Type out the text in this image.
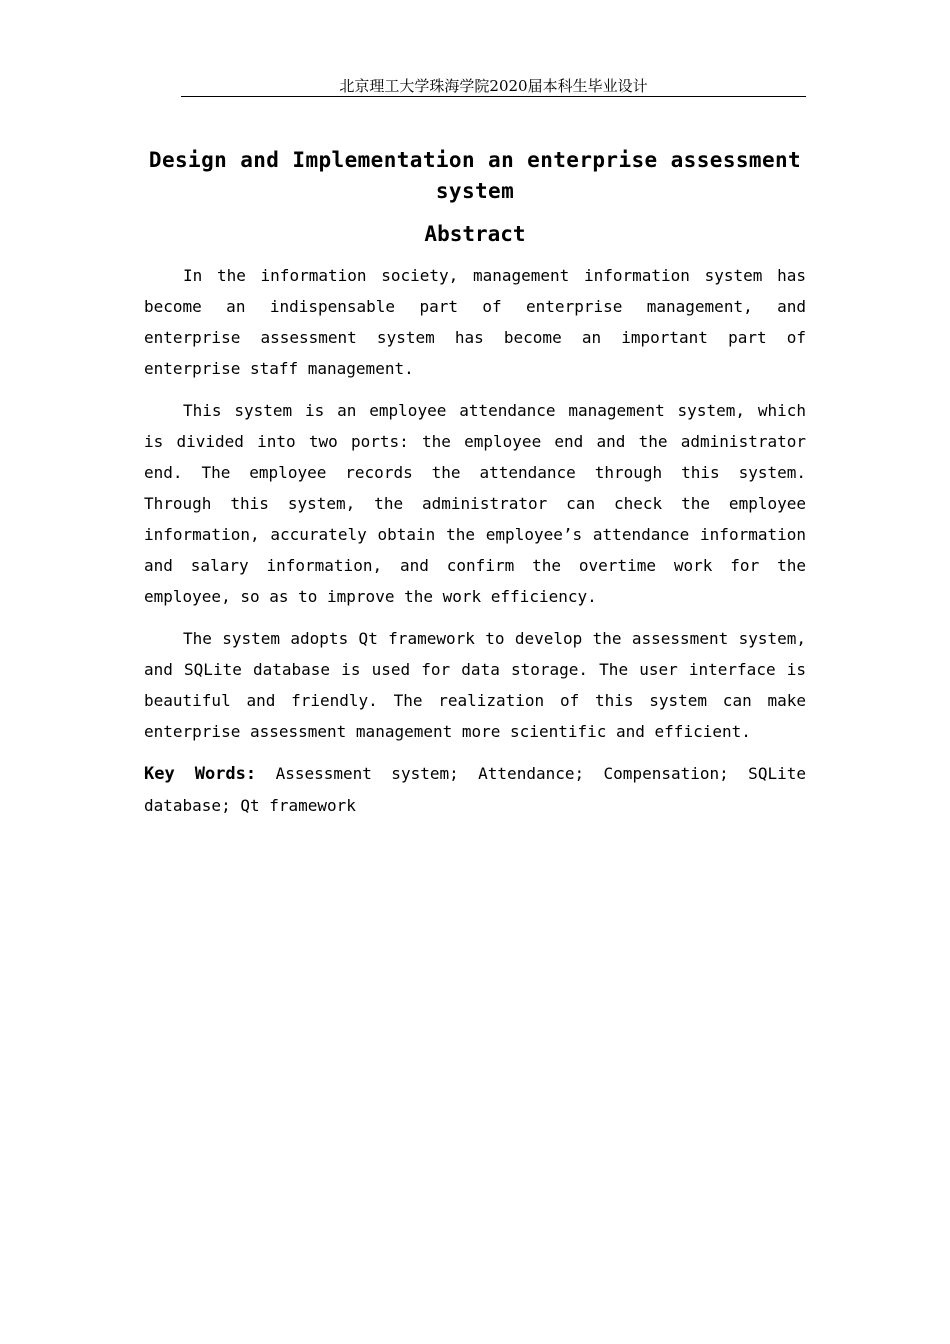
北京理工大学珠海学院2020届本科生毕业设计
Design and Implementation an enterprise assessment system
Abstract

In the information society, management information system has become an indispensable part of enterprise management, and enterprise assessment system has become an important part of enterprise staff management.

This system is an employee attendance management system, which is divided into two ports: the employee end and the administrator end. The employee records the attendance through this system. Through this system, the administrator can check the employee information, accurately obtain the employee’s attendance information and salary information, and confirm the overtime work for the employee, so as to improve the work efficiency.

The system adopts Qt framework to develop the assessment system, and SQLite database is used for data storage. The user interface is beautiful and friendly. The realization of this system can make enterprise assessment management more scientific and efficient.

Key Words: Assessment system; Attendance; Compensation; SQLite database; Qt framework
